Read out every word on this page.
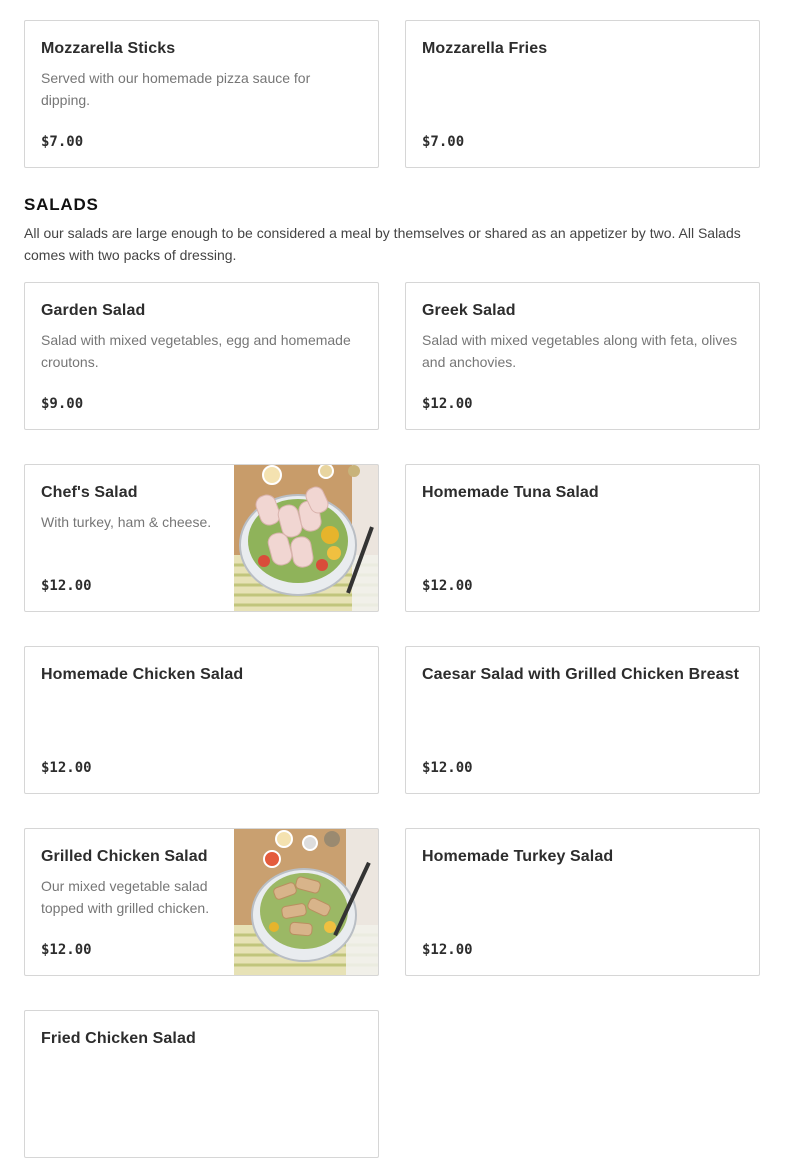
Mozzarella Sticks
Served with our homemade pizza sauce for dipping.
$7.00
Mozzarella Fries
$7.00
SALADS
All our salads are large enough to be considered a meal by themselves or shared as an appetizer by two. All Salads comes with two packs of dressing.
Garden Salad
Salad with mixed vegetables, egg and homemade croutons.
$9.00
Greek Salad
Salad with mixed vegetables along with feta, olives and anchovies.
$12.00
Chef's Salad
With turkey, ham & cheese.
$12.00
Homemade Tuna Salad
$12.00
Homemade Chicken Salad
$12.00
Caesar Salad with Grilled Chicken Breast
$12.00
Grilled Chicken Salad
Our mixed vegetable salad topped with grilled chicken.
$12.00
Homemade Turkey Salad
$12.00
Fried Chicken Salad
